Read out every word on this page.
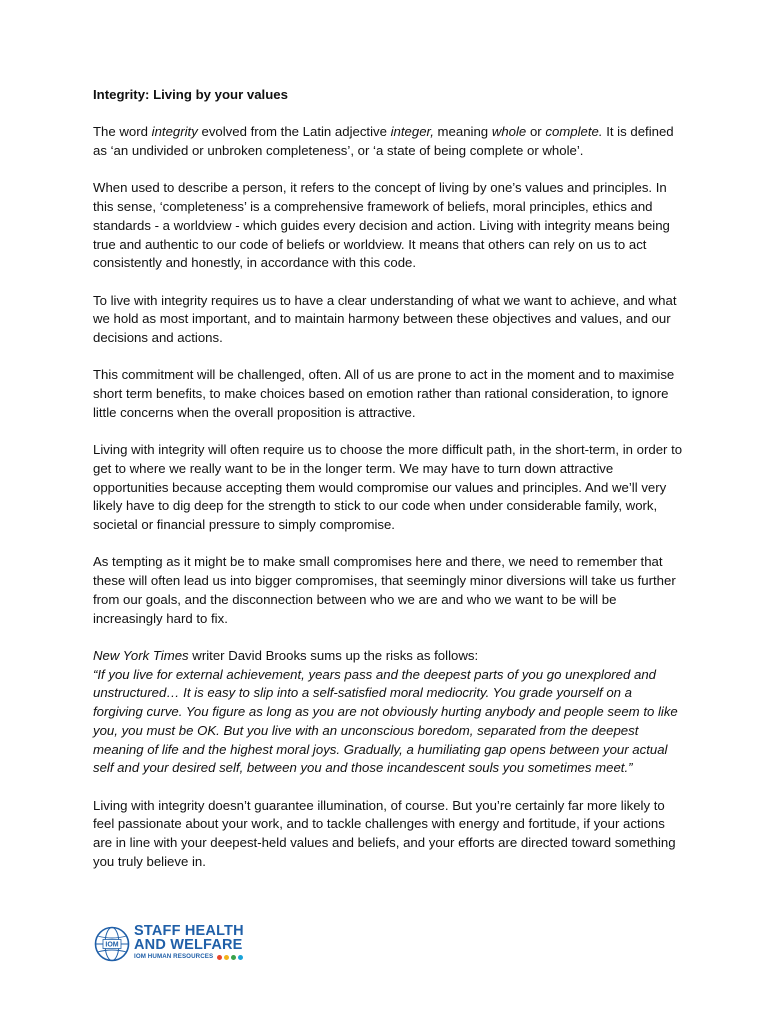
Integrity: Living by your values

The word integrity evolved from the Latin adjective integer, meaning whole or complete. It is defined as ‘an undivided or unbroken completeness’, or ‘a state of being complete or whole’.

When used to describe a person, it refers to the concept of living by one’s values and principles. In this sense, ‘completeness’ is a comprehensive framework of beliefs, moral principles, ethics and standards - a worldview - which guides every decision and action. Living with integrity means being true and authentic to our code of beliefs or worldview. It means that others can rely on us to act consistently and honestly, in accordance with this code.

To live with integrity requires us to have a clear understanding of what we want to achieve, and what we hold as most important, and to maintain harmony between these objectives and values, and our decisions and actions.

This commitment will be challenged, often. All of us are prone to act in the moment and to maximise short term benefits, to make choices based on emotion rather than rational consideration, to ignore little concerns when the overall proposition is attractive.

Living with integrity will often require us to choose the more difficult path, in the short-term, in order to get to where we really want to be in the longer term. We may have to turn down attractive opportunities because accepting them would compromise our values and principles. And we’ll very likely have to dig deep for the strength to stick to our code when under considerable family, work, societal or financial pressure to simply compromise.

As tempting as it might be to make small compromises here and there, we need to remember that these will often lead us into bigger compromises, that seemingly minor diversions will take us further from our goals, and the disconnection between who we are and who we want to be will be increasingly hard to fix.

New York Times writer David Brooks sums up the risks as follows:
“If you live for external achievement, years pass and the deepest parts of you go unexplored and unstructured… It is easy to slip into a self-satisfied moral mediocrity. You grade yourself on a forgiving curve. You figure as long as you are not obviously hurting anybody and people seem to like you, you must be OK. But you live with an unconscious boredom, separated from the deepest meaning of life and the highest moral joys. Gradually, a humiliating gap opens between your actual self and your desired self, between you and those incandescent souls you sometimes meet.”

Living with integrity doesn’t guarantee illumination, of course. But you’re certainly far more likely to feel passionate about your work, and to tackle challenges with energy and fortitude, if your actions are in line with your deepest-held values and beliefs, and your efforts are directed toward something you truly believe in.

IOM
STAFF HEALTH
AND WELFARE
IOM HUMAN RESOURCES
